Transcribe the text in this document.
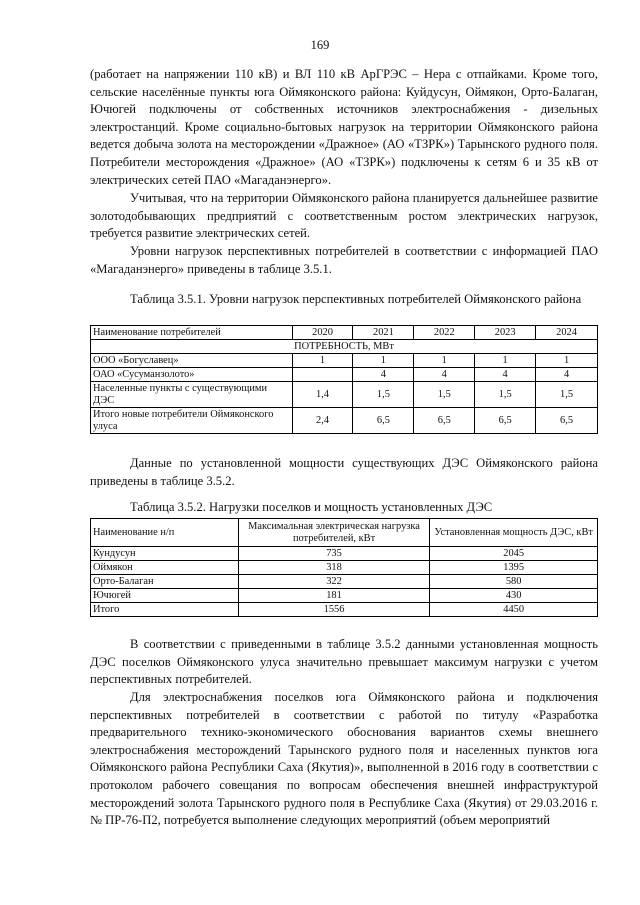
169

(работает на напряжении 110 кВ) и ВЛ 110 кВ АрГРЭС – Нера с отпайками. Кроме того, сельские населённые пункты юга Оймяконского района: Куйдусун, Оймякон, Орто-Балаган, Ючюгей подключены от собственных источников электроснабжения - дизельных электростанций. Кроме социально-бытовых нагрузок на территории Оймяконского района ведется добыча золота на месторождении «Дражное» (АО «ТЗРК») Тарынского рудного поля. Потребители месторождения «Дражное» (АО «ТЗРК») подключены к сетям 6 и 35 кВ от электрических сетей ПАО «Магаданэнерго».

Учитывая, что на территории Оймяконского района планируется дальнейшее развитие золотодобывающих предприятий с соответственным ростом электрических нагрузок, требуется развитие электрических сетей.

Уровни нагрузок перспективных потребителей в соответствии с информацией ПАО «Магаданэнерго» приведены в таблице 3.5.1.

Таблица 3.5.1. Уровни нагрузок перспективных потребителей Оймяконского района

Наименование потребителей	2020	2021	2022	2023	2024
ПОТРЕБНОСТЬ, МВт					
ООО «Богуславец»	1	1	1	1	1
ОАО «Сусуманзолото»		4	4	4	4
Населенные пункты с существующими ДЭС	1,4	1,5	1,5	1,5	1,5
Итого новые потребители Оймяконского улуса	2,4	6,5	6,5	6,5	6,5

Данные по установленной мощности существующих ДЭС Оймяконского района приведены в таблице 3.5.2.

Таблица 3.5.2. Нагрузки поселков и мощность установленных ДЭС

Наименование н/п	Максимальная электрическая нагрузка потребителей, кВт	Установленная мощность ДЭС, кВт
Кундусун	735	2045
Оймякон	318	1395
Орто-Балаган	322	580
Ючюгей	181	430
Итого	1556	4450

В соответствии с приведенными в таблице 3.5.2 данными установленная мощность ДЭС поселков Оймяконского улуса значительно превышает максимум нагрузки с учетом перспективных потребителей.

Для электроснабжения поселков юга Оймяконского района и подключения перспективных потребителей в соответствии с работой по титулу «Разработка предварительного технико-экономического обоснования вариантов схемы внешнего электроснабжения месторождений Тарынского рудного поля и населенных пунктов юга Оймяконского района Республики Саха (Якутия)», выполненной в 2016 году в соответствии с протоколом рабочего совещания по вопросам обеспечения внешней инфраструктурой месторождений золота Тарынского рудного поля в Республике Саха (Якутия) от 29.03.2016 г. № ПР-76-П2, потребуется выполнение следующих мероприятий (объем мероприятий
